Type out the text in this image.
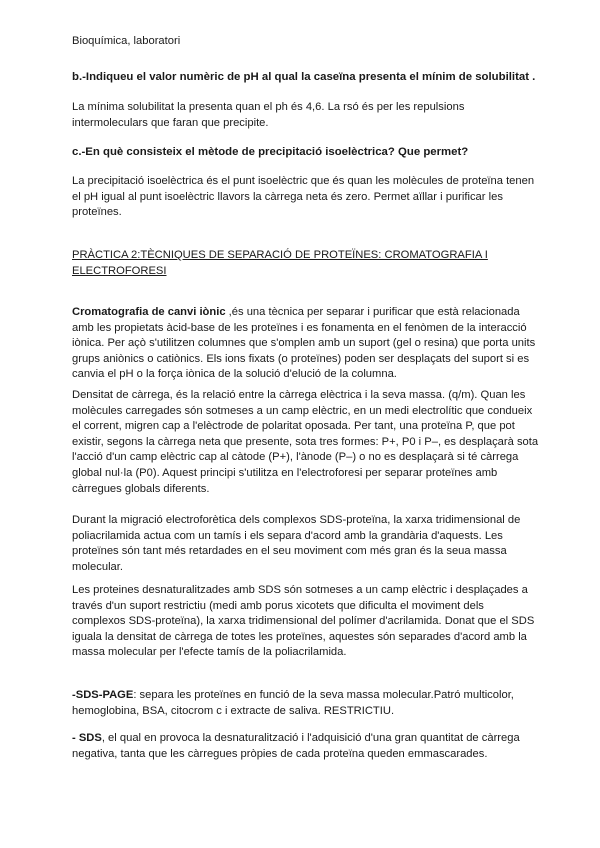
Bioquímica, laboratori
b.-Indiqueu el valor numèric de pH al qual la caseïna presenta el mínim de solubilitat .
La mínima solubilitat la presenta quan el ph és 4,6. La rsó és per les repulsions intermoleculars que faran que precipite.
c.-En què consisteix el mètode de precipitació isoelèctrica? Que permet?
La precipitació isoelèctrica és el punt isoelèctric que és quan les molècules de proteïna tenen el pH igual al punt isoelèctric llavors la càrrega neta és zero. Permet aïllar i purificar les proteïnes.
PRÀCTICA 2:TÈCNIQUES DE SEPARACIÓ DE PROTEÏNES: CROMATOGRAFIA I ELECTROFORESI
Cromatografia de canvi iònic ,és una tècnica per separar i purificar que està relacionada amb les propietats àcid-base de les proteïnes i es fonamenta en el fenòmen de la interacció iònica. Per açò s'utilitzen columnes que s'omplen amb un suport (gel o resina) que porta units grups aniònics o catiònics. Els ions fixats (o proteïnes) poden ser desplaçats del suport si es canvia el pH o la força iònica de la solució d'elució de la columna.
Densitat de càrrega, és la relació entre la càrrega elèctrica i la seva massa. (q/m). Quan les molècules carregades són sotmeses a un camp elèctric, en un medi electrolític que condueix el corrent, migren cap a l'elèctrode de polaritat oposada. Per tant, una proteïna P, que pot existir, segons la càrrega neta que presente, sota tres formes: P+, P0 i P–, es desplaçarà sota l'acció d'un camp elèctric cap al càtode (P+), l'ànode (P–) o no es desplaçarà si té càrrega global nul·la (P0). Aquest principi s'utilitza en l'electroforesi per separar proteïnes amb càrregues globals diferents.
Durant la migració electroforètica dels complexos SDS-proteïna, la xarxa tridimensional de poliacrilamida actua com un tamís i els separa d'acord amb la grandària d'aquests. Les proteïnes són tant més retardades en el seu moviment com més gran és la seua massa molecular.
Les proteines desnaturalitzades amb SDS són sotmeses a un camp elèctric i desplaçades a través d'un suport restrictiu (medi amb porus xicotets que dificulta el moviment dels complexos SDS-proteïna), la xarxa tridimensional del polímer d'acrilamida. Donat que el SDS iguala la densitat de càrrega de totes les proteïnes, aquestes són separades d'acord amb la massa molecular per l'efecte tamís de la poliacrilamida.
-SDS-PAGE: separa les proteïnes en funció de la seva massa molecular.Patró multicolor, hemoglobina, BSA, citocrom c i extracte de saliva. RESTRICTIU.
- SDS, el qual en provoca la desnaturalització i l'adquisició d'una gran quantitat de càrrega negativa, tanta que les càrregues pròpies de cada proteïna queden emmascarades.
